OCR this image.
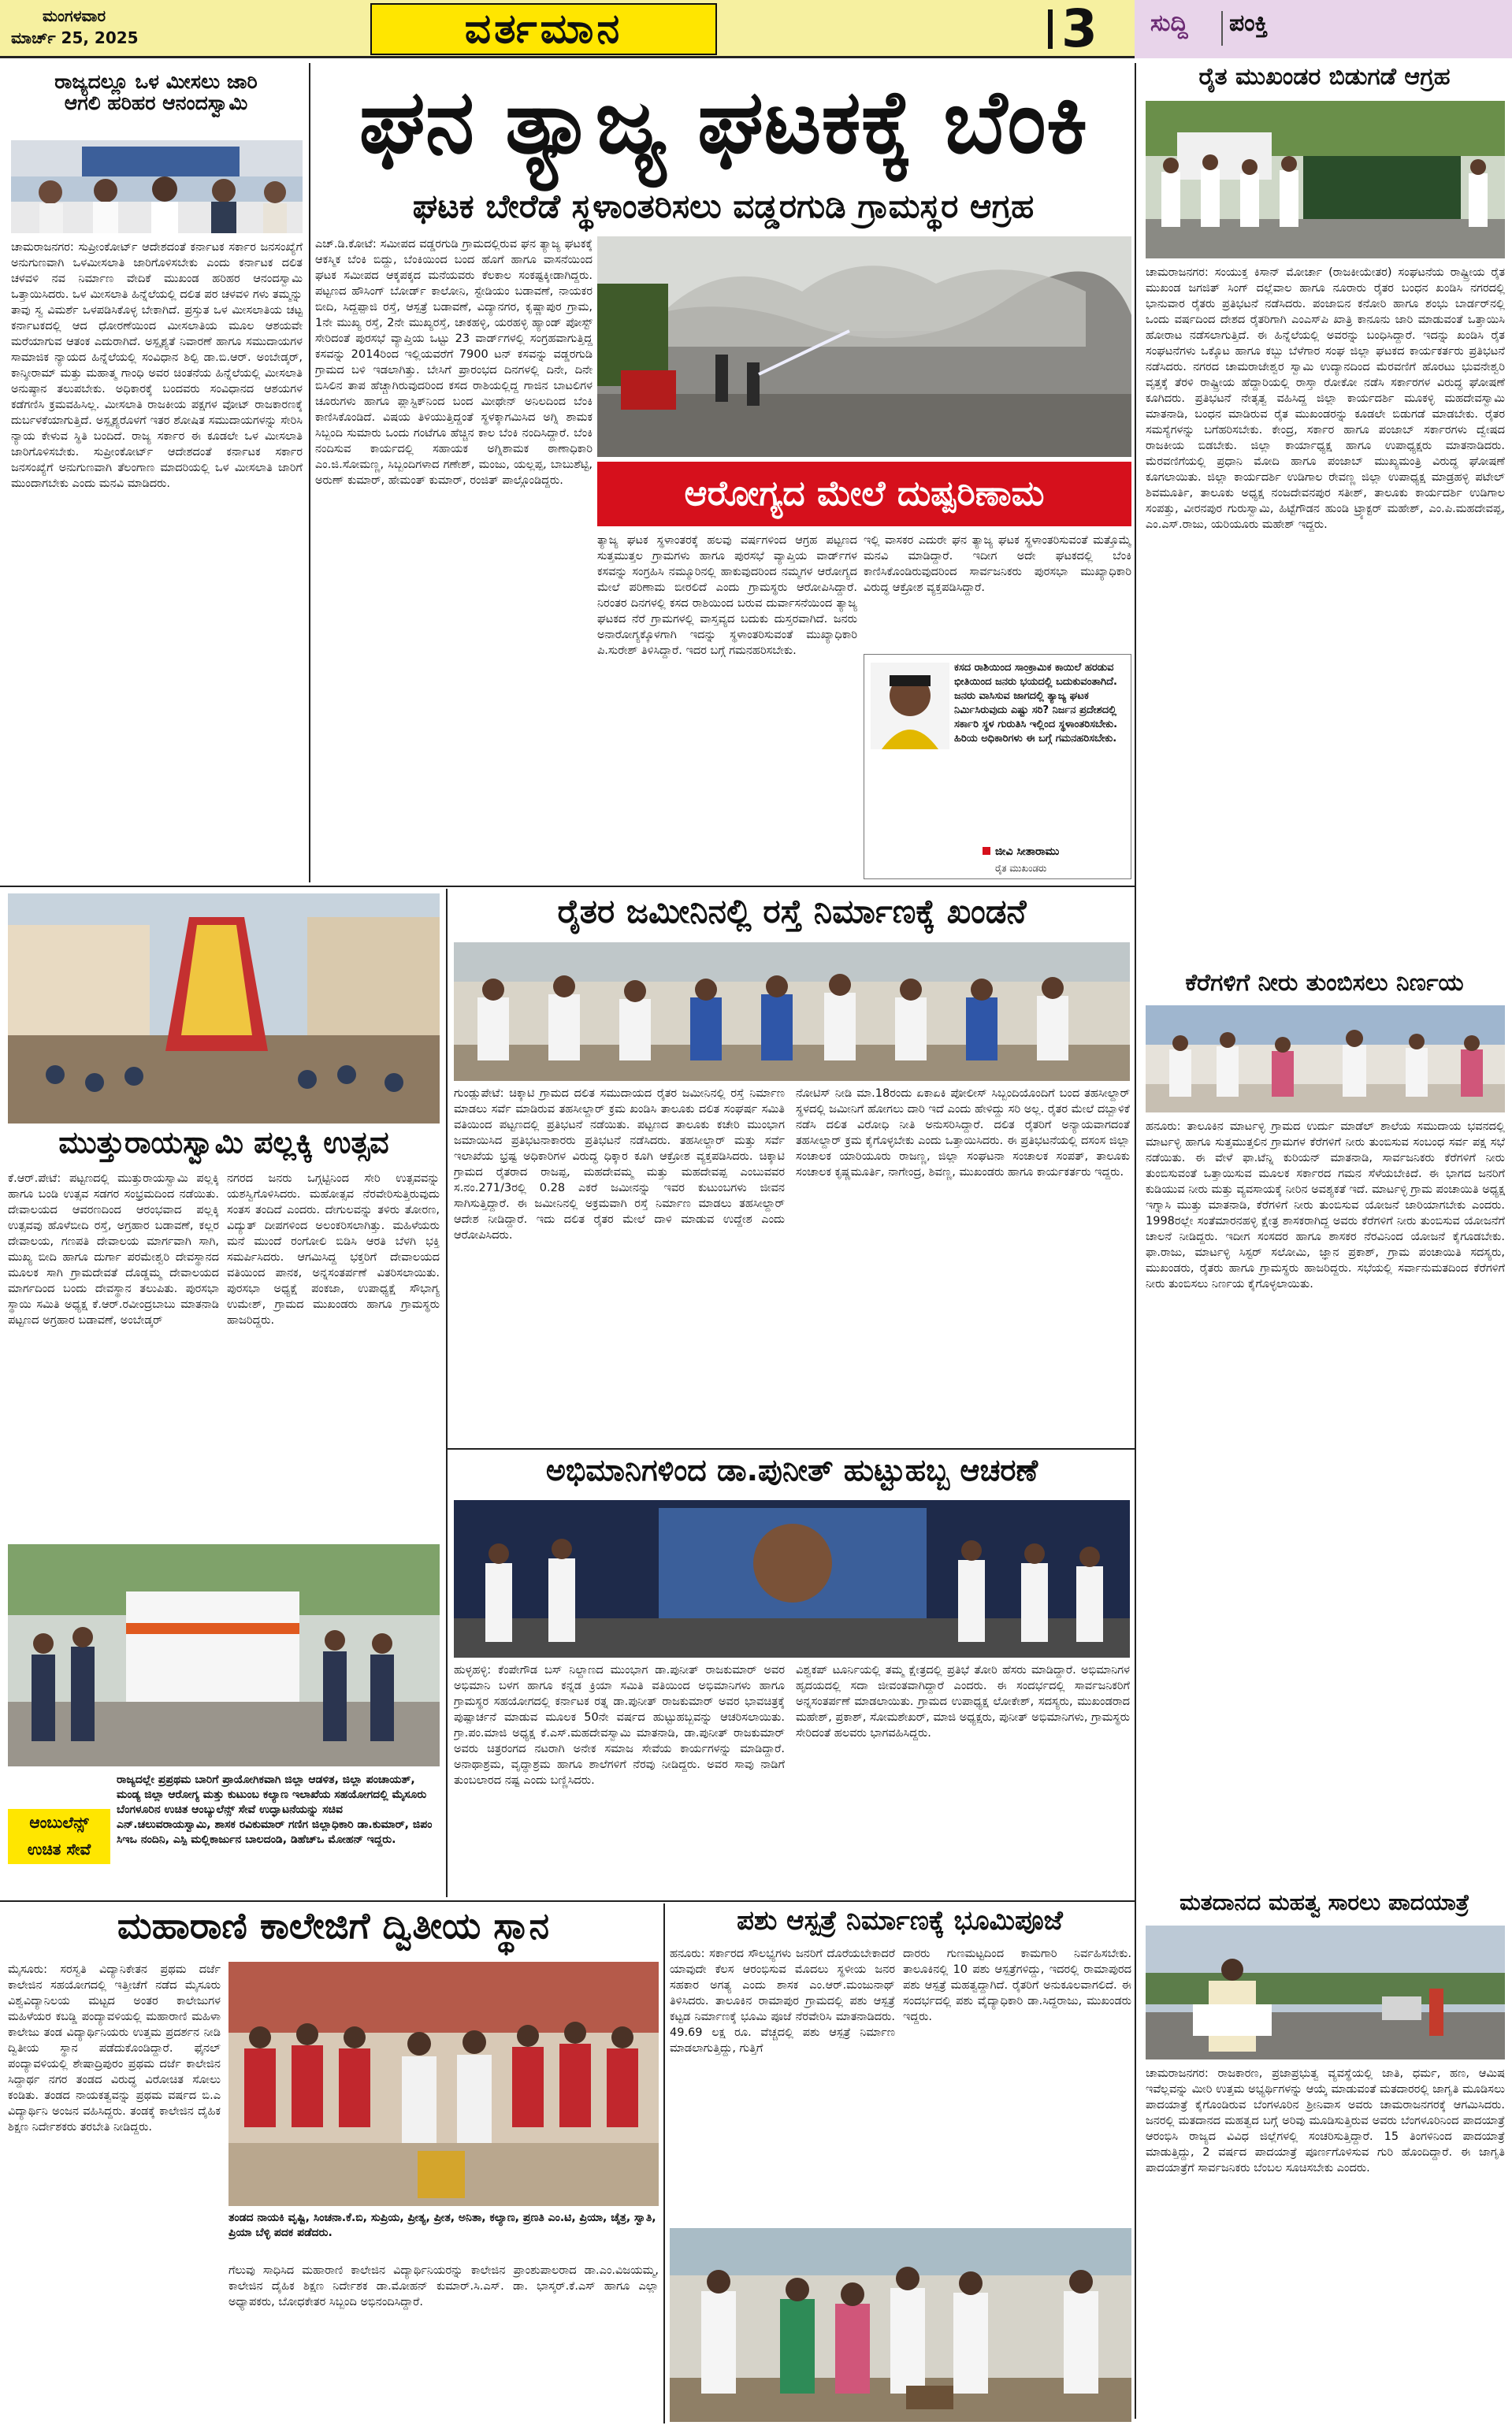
ಮಂಗಳವಾರ
ಮಾರ್ಚ್ 25, 2025	ವರ್ತಮಾನ	3	ಸುದ್ದಿ ಪಂಕ್ತಿ
ರಾಜ್ಯದಲ್ಲೂ ಒಳ ಮೀಸಲು ಜಾರಿ
ಆಗಲಿ ಹರಿಹರ ಆನಂದಸ್ವಾಮಿ
ಚಾಮರಾಜನಗರ: ಸುಪ್ರೀಂಕೋರ್ಟ್ ಆದೇಶದಂತೆ ಕರ್ನಾಟಕ ಸರ್ಕಾರ ಜನಸಂಖ್ಯೆಗೆ ಅನುಗುಣವಾಗಿ ಒಳಮೀಸಲಾತಿ ಜಾರಿಗೊಳಿಸಬೇಕು ಎಂದು ಕರ್ನಾಟಕ ದಲಿತ ಚಳವಳಿ ನವ ನಿರ್ಮಾಣ ವೇದಿಕೆ ಮುಖಂಡ ಹರಿಹರ ಆನಂದಸ್ವಾಮಿ ಒತ್ತಾಯಿಸಿದರು. ಒಳ ಮೀಸಲಾತಿ ಹಿನ್ನೆಲೆಯಲ್ಲಿ ದಲಿತ ಪರ ಚಳವಳಿ ಗಳು ತಮ್ಮನ್ನು ತಾವು ಸ್ವ ವಿಮರ್ಶೆ ಒಳಪಡಿಸಿಕೊಳ್ಳ ಬೇಕಾಗಿದೆ. ಪ್ರಸ್ತುತ ಒಳ ಮೀಸಲಾತಿಯ ಚಟ್ಟ ಕರ್ನಾಟಕದಲ್ಲಿ ಆದ ಧೋರಣೆಯಿಂದ ಮೀಸಲಾತಿಯ ಮೂಲ ಆಶಯವೇ ಮರೆಯಾಗುವ ಆತಂಕ ಎದುರಾಗಿದೆ. ಅಸ್ಪೃಶ್ಯತೆ ನಿವಾರಣೆ ಹಾಗೂ ಸಮುದಾಯಗಳ ಸಾಮಾಜಿಕ ನ್ಯಾಯದ ಹಿನ್ನೆಲೆಯಲ್ಲಿ ಸಂವಿಧಾನ ಶಿಲ್ಪಿ ಡಾ.ಬಿ.ಆರ್. ಅಂಬೇಡ್ಕರ್, ಕಾನ್ಶೀರಾಮ್ ಮತ್ತು ಮಹಾತ್ಮ ಗಾಂಧಿ ಅವರ ಚಿಂತನೆಯ ಹಿನ್ನೆಲೆಯಲ್ಲಿ ಮೀಸಲಾತಿ ಅನುಷ್ಠಾನ ತಲುಪಬೇಕು. ಅಧಿಕಾರಕ್ಕೆ ಬಂದವರು ಸಂವಿಧಾನದ ಆಶಯಗಳ ಕಡೆಗಣಿಸಿ ಕ್ರಮವಹಿಸಿಲ್ಲ. ಮೀಸಲಾತಿ ರಾಜಕೀಯ ಪಕ್ಷಗಳ ವೋಟ್ ರಾಜಕಾರಣಕ್ಕೆ ದುರ್ಬಳಕೆಯಾಗುತ್ತಿದೆ. ಅಸ್ಪೃಶ್ಯರೊಳಗೆ ಇತರ ಶೋಷಿತ ಸಮುದಾಯಗಳನ್ನು ಸೇರಿಸಿ ನ್ಯಾಯ ಕೇಳುವ ಸ್ಥಿತಿ ಬಂದಿದೆ. ರಾಜ್ಯ ಸರ್ಕಾರ ಈ ಕೂಡಲೇ ಒಳ ಮೀಸಲಾತಿ ಜಾರಿಗೊಳಿಸಬೇಕು. ಸುಪ್ರೀಂಕೋರ್ಟ್ ಆದೇಶದಂತೆ ಕರ್ನಾಟಕ ಸರ್ಕಾರ ಜನಸಂಖ್ಯೆಗೆ ಅನುಗುಣವಾಗಿ ತೆಲಂಗಾಣ ಮಾದರಿಯಲ್ಲಿ ಒಳ ಮೀಸಲಾತಿ ಜಾರಿಗೆ ಮುಂದಾಗಬೇಕು ಎಂದು ಮನವಿ ಮಾಡಿದರು.
ಘನ ತ್ಯಾಜ್ಯ ಘಟಕಕ್ಕೆ ಬೆಂಕಿ
ಘಟಕ ಬೇರೆಡೆ ಸ್ಥಳಾಂತರಿಸಲು ವಡ್ಡರಗುಡಿ ಗ್ರಾಮಸ್ಥರ ಆಗ್ರಹ
ಎಚ್.ಡಿ.ಕೋಟೆ: ಸಮೀಪದ ವಡ್ಡರಗುಡಿ ಗ್ರಾಮದಲ್ಲಿರುವ ಘನ ತ್ಯಾಜ್ಯ ಘಟಕಕ್ಕೆ ಆಕಸ್ಮಿಕ ಬೆಂಕಿ ಬಿದ್ದು, ಬೆಂಕಿಯಿಂದ ಬಂದ ಹೊಗೆ ಹಾಗೂ ವಾಸನೆಯಿಂದ ಘಟಕ ಸಮೀಪದ ಆಕ್ಕಪಕ್ಕದ ಮನೆಯವರು ಕೆಲಕಾಲ ಸಂಕಷ್ಟಕ್ಕೀಡಾಗಿದ್ದರು. ಪಟ್ಟಣದ ಹೌಸಿಂಗ್ ಬೋರ್ಡ್ ಕಾಲೋನಿ, ಸ್ಟೇಡಿಯಂ ಬಡಾವಣೆ, ನಾಯಕರ ಬೀದಿ, ಸಿದ್ದಪ್ಪಾಜಿ ರಸ್ತೆ, ಆಸ್ಪತ್ರೆ ಬಡಾವಣೆ, ವಿದ್ಯಾನಗರ, ಕೃಷ್ಣಾಪುರ ಗ್ರಾಮ, 1ನೇ ಮುಖ್ಯ ರಸ್ತೆ, 2ನೇ ಮುಖ್ಯರಸ್ತೆ, ಚಾಕಹಳ್ಳಿ, ಯರಹಳ್ಳಿ ಹ್ಯಾಂಡ್ ಪೋಸ್ಟ್ ಸೇರಿದಂತೆ ಪುರಸಭೆ ವ್ಯಾಪ್ತಿಯ ಒಟ್ಟು 23 ವಾರ್ಡ್‌ಗಳಲ್ಲಿ ಸಂಗ್ರಹವಾಗುತ್ತಿದ್ದ ಕಸವನ್ನು 2014ರಿಂದ ಇಲ್ಲಿಯವರೆಗೆ 7900 ಟನ್ ಕಸವನ್ನು ವಡ್ಡರಗುಡಿ ಗ್ರಾಮದ ಬಳಿ ಇಡಲಾಗಿತ್ತು. ಬೇಸಿಗೆ ಪ್ರಾರಂಭದ ದಿನಗಳಲ್ಲಿ ದಿನೇ, ದಿನೇ ಬಿಸಿಲಿನ ತಾಪ ಹೆಚ್ಚಾಗಿರುವುದರಿಂದ ಕಸದ ರಾಶಿಯಲ್ಲಿದ್ದ ಗಾಜಿನ ಬಾಟಲಿಗಳ ಚೂರುಗಳು ಹಾಗೂ ಪ್ಲಾಸ್ಟಿಕ್‌ನಿಂದ ಬಂದ ಮೀಥೇನ್ ಅನಿಲದಿಂದ ಬೆಂಕಿ ಕಾಣಿಸಿಕೊಂಡಿದೆ. ವಿಷಯ ತಿಳಿಯುತ್ತಿದ್ದಂತೆ ಸ್ಥಳಕ್ಕಾಗಮಿಸಿದ ಅಗ್ನಿ ಶಾಮಕ ಸಿಬ್ಬಂದಿ ಸುಮಾರು ಒಂದು ಗಂಟೆಗೂ ಹೆಚ್ಚಿನ ಕಾಲ ಬೆಂಕಿ ನಂದಿಸಿದ್ದಾರೆ. ಬೆಂಕಿ ನಂದಿಸುವ ಕಾರ್ಯದಲ್ಲಿ ಸಹಾಯಕ ಅಗ್ನಿಶಾಮಕ ಠಾಣಾಧಿಕಾರಿ ಎಂ.ಜಿ.ಸೋಮಣ್ಣ, ಸಿಬ್ಬಂದಿಗಳಾದ ಗಣೇಶ್, ಮಂಜು, ಯಲ್ಲಪ್ಪ, ಬಾಬುಶೆಟ್ಟಿ, ಅರುಣ್ ಕುಮಾರ್, ಹೇಮಂತ್ ಕುಮಾರ್, ರಂಜಿತ್ ಪಾಲ್ಗೊಂಡಿದ್ದರು.	ಆರೋಗ್ಯದ ಮೇಲೆ ದುಷ್ಪರಿಣಾಮ
ತ್ಯಾಜ್ಯ ಘಟಕ ಸ್ಥಳಾಂತರಕ್ಕೆ ಹಲವು ವರ್ಷಗಳಿಂದ ಆಗ್ರಹ ಪಟ್ಟಣದ ಸುತ್ತಮುತ್ತಲ ಗ್ರಾಮಗಳು ಹಾಗೂ ಪುರಸಭೆ ವ್ಯಾಪ್ತಿಯ ವಾರ್ಡ್‌ಗಳ ಕಸವನ್ನು ಸಂಗ್ರಹಿಸಿ ನಮ್ಮೂರಿನಲ್ಲಿ ಹಾಕುವುದರಿಂದ ನಮ್ಮಗಳ ಆರೋಗ್ಯದ ಮೇಲೆ ಪರಿಣಾಮ ಬೀರಲಿದೆ ಎಂದು ಗ್ರಾಮಸ್ಥರು ಆರೋಪಿಸಿದ್ದಾರೆ. ನಿರಂತರ ದಿನಗಳಲ್ಲಿ ಕಸದ ರಾಶಿಯಿಂದ ಬರುವ ದುರ್ವಾಸನೆಯಿಂದ ತ್ಯಾಜ್ಯ ಘಟಕದ ನೆರೆ ಗ್ರಾಮಗಳಲ್ಲಿ ವಾಸ್ತವ್ಯದ ಬದುಕು ದುಸ್ತರವಾಗಿದೆ. ಜನರು ಅನಾರೋಗ್ಯಕ್ಕೊಳಗಾಗಿ ಇದನ್ನು ಸ್ಥಳಾಂತರಿಸುವಂತೆ ಮುಖ್ಯಾಧಿಕಾರಿ ಪಿ.ಸುರೇಶ್ ತಿಳಿಸಿದ್ದಾರೆ. ಇದರ ಬಗ್ಗೆ ಗಮನಹರಿಸಬೇಕು.
ಇಲ್ಲಿ ವಾಸಕರ ಎದುರೇ ಘನ ತ್ಯಾಜ್ಯ ಘಟಕ ಸ್ಥಳಾಂತರಿಸುವಂತೆ ಮತ್ತೊಮ್ಮೆ ಮನವಿ ಮಾಡಿದ್ದಾರೆ. ಇದೀಗ ಅದೇ ಘಟಕದಲ್ಲಿ ಬೆಂಕಿ ಕಾಣಿಸಿಕೊಂಡಿರುವುದರಿಂದ ಸಾರ್ವಜನಿಕರು ಪುರಸಭಾ ಮುಖ್ಯಾಧಿಕಾರಿ ವಿರುದ್ಧ ಆಕ್ರೋಶ ವ್ಯಕ್ತಪಡಿಸಿದ್ದಾರೆ.
ಕಸದ ರಾಶಿಯಿಂದ ಸಾಂಕ್ರಾಮಿಕ ಕಾಯಿಲೆ ಹರಡುವ ಭೀತಿಯಿಂದ ಜನರು ಭಯದಲ್ಲಿ ಬದುಕುವಂತಾಗಿದೆ. ಜನರು ವಾಸಿಸುವ ಜಾಗದಲ್ಲಿ ತ್ಯಾಜ್ಯ ಘಟಕ ನಿರ್ಮಿಸಿರುವುದು ಎಷ್ಟು ಸರಿ? ನಿರ್ಜನ ಪ್ರದೇಶದಲ್ಲಿ ಸರ್ಕಾರಿ ಸ್ಥಳ ಗುರುತಿಸಿ ಇಲ್ಲಿಂದ ಸ್ಥಳಾಂತರಿಸಬೇಕು. ಹಿರಿಯ ಅಧಿಕಾರಿಗಳು ಈ ಬಗ್ಗೆ ಗಮನಹರಿಸಬೇಕು.
ಜೀವಿ ಸೀತಾರಾಮು
ರೈತ ಮುಖಂಡರು
ರೈತ ಮುಖಂಡರ ಬಿಡುಗಡೆ ಆಗ್ರಹ
ಚಾಮರಾಜನಗರ: ಸಂಯುಕ್ತ ಕಿಸಾನ್ ಮೋರ್ಚಾ (ರಾಜಕೀಯೇತರ) ಸಂಘಟನೆಯ ರಾಷ್ಟ್ರೀಯ ರೈತ ಮುಖಂಡ ಜಗಜಿತ್ ಸಿಂಗ್ ದಲ್ಲೆವಾಲ ಹಾಗೂ ನೂರಾರು ರೈತರ ಬಂಧನ ಖಂಡಿಸಿ ನಗರದಲ್ಲಿ ಭಾನುವಾರ ರೈತರು ಪ್ರತಿಭಟನೆ ನಡೆಸಿದರು. ಪಂಜಾಬಿನ ಕನೋರಿ ಹಾಗೂ ಶಂಭು ಬಾರ್ಡರ್‌ನಲ್ಲಿ ಒಂದು ವರ್ಷದಿಂದ ದೇಶದ ರೈತರಿಗಾಗಿ ಎಂಎಸ್‌ಪಿ ಖಾತ್ರಿ ಕಾನೂನು ಜಾರಿ ಮಾಡುವಂತೆ ಒತ್ತಾಯಿಸಿ ಹೋರಾಟ ನಡೆಸಲಾಗುತ್ತಿದೆ. ಈ ಹಿನ್ನೆಲೆಯಲ್ಲಿ ಅವರನ್ನು ಬಂಧಿಸಿದ್ದಾರೆ. ಇದನ್ನು ಖಂಡಿಸಿ ರೈತ ಸಂಘಟನೆಗಳು ಒಕ್ಕೊಟ ಹಾಗೂ ಕಬ್ಬು ಬೆಳೆಗಾರ ಸಂಘ ಜಿಲ್ಲಾ ಘಟಕದ ಕಾರ್ಯಕರ್ತರು ಪ್ರತಿಭಟನೆ ನಡೆಸಿದರು. ನಗರದ ಚಾಮರಾಜೇಶ್ವರ ಸ್ವಾಮಿ ಉದ್ಯಾನದಿಂದ ಮೆರವಣಿಗೆ ಹೊರಟು ಭುವನೇಶ್ವರಿ ವೃತ್ತಕ್ಕೆ ತೆರಳಿ ರಾಷ್ಟ್ರೀಯ ಹೆದ್ದಾರಿಯಲ್ಲಿ ರಾಸ್ತಾ ರೋಕೋ ನಡೆಸಿ ಸರ್ಕಾರಗಳ ವಿರುದ್ಧ ಘೋಷಣೆ ಕೂಗಿದರು. ಪ್ರತಿಭಟನೆ ನೇತೃತ್ವ ವಹಿಸಿದ್ದ ಜಿಲ್ಲಾ ಕಾರ್ಯದರ್ಶಿ ಮೂಕಳ್ಳಿ ಮಹದೇವಸ್ವಾಮಿ ಮಾತನಾಡಿ, ಬಂಧನ ಮಾಡಿರುವ ರೈತ ಮುಖಂಡರನ್ನು ಕೂಡಲೇ ಬಿಡುಗಡೆ ಮಾಡಬೇಕು. ರೈತರ ಸಮಸ್ಯೆಗಳನ್ನು ಬಗೆಹರಿಸಬೇಕು. ಕೇಂದ್ರ, ಸರ್ಕಾರ ಹಾಗೂ ಪಂಜಾಬ್ ಸರ್ಕಾರಗಳು ದ್ವೇಷದ ರಾಜಕೀಯ ಬಿಡಬೇಕು. ಜಿಲ್ಲಾ ಕಾರ್ಯಾಧ್ಯಕ್ಷ ಹಾಗೂ ಉಪಾಧ್ಯಕ್ಷರು ಮಾತನಾಡಿದರು. ಮೆರವಣಿಗೆಯಲ್ಲಿ ಪ್ರಧಾನಿ ಮೋದಿ ಹಾಗೂ ಪಂಜಾಬ್ ಮುಖ್ಯಮಂತ್ರಿ ವಿರುದ್ಧ ಘೋಷಣೆ ಕೂಗಲಾಯಿತು. ಜಿಲ್ಲಾ ಕಾರ್ಯದರ್ಶಿ ಉಡಿಗಾಲ ರೇವಣ್ಣ ಜಿಲ್ಲಾ ಉಪಾಧ್ಯಕ್ಷ ಮಾಡ್ರಹಳ್ಳಿ ಪಟೇಲ್ ಶಿವಮೂರ್ತಿ, ತಾಲೂಕು ಅಧ್ಯಕ್ಷ ನಂಜದೇವನಪುರ ಸತೀಶ್, ತಾಲೂಕು ಕಾರ್ಯದರ್ಶಿ ಉಡಿಗಾಲ ಸಂಪತ್ತು, ವೀರನಪುರ ಗುರುಸ್ವಾಮಿ, ಹಿಟ್ಟೆಗೌಡನ ಹುಂಡಿ ಟ್ರ್ಯಾಕ್ಟರ್ ಮಹೇಶ್, ಎಂ.ಪಿ.ಮಹದೇವಪ್ಪ, ಎಂ.ಎಸ್.ರಾಜು, ಯರಿಯೂರು ಮಹೇಶ್ ಇದ್ದರು.
ಕೆರೆಗಳಿಗೆ ನೀರು ತುಂಬಿಸಲು ನಿರ್ಣಯ
ಹನೂರು: ತಾಲೂಕಿನ ಮಾರ್ಟಳ್ಳಿ ಗ್ರಾಮದ ಉರ್ದು ಮಾಡೆಲ್ ಶಾಲೆಯ ಸಮುದಾಯ ಭವನದಲ್ಲಿ ಮಾರ್ಟಳ್ಳಿ ಹಾಗೂ ಸುತ್ತಮುತ್ತಲಿನ ಗ್ರಾಮಗಳ ಕೆರೆಗಳಿಗೆ ನೀರು ತುಂಬಿಸುವ ಸಂಬಂಧ ಸರ್ವ ಪಕ್ಷ ಸಭೆ ನಡೆಯಿತು. ಈ ವೇಳೆ ಫಾ.ಟೆನ್ನಿ ಕುರಿಯನ್ ಮಾತನಾಡಿ, ಸಾರ್ವಜನಿಕರು ಕೆರೆಗಳಿಗೆ ನೀರು ತುಂಬಿಸುವಂತೆ ಒತ್ತಾಯಿಸುವ ಮೂಲಕ ಸರ್ಕಾರದ ಗಮನ ಸೆಳೆಯಬೇಕಿದೆ. ಈ ಭಾಗದ ಜನರಿಗೆ ಕುಡಿಯುವ ನೀರು ಮತ್ತು ವ್ಯವಸಾಯಕ್ಕೆ ನೀರಿನ ಅವಶ್ಯಕತೆ ಇದೆ. ಮಾರ್ಟಳ್ಳಿ ಗ್ರಾಮ ಪಂಚಾಯಿತಿ ಅಧ್ಯಕ್ಷ ಇಗ್ನಾಸಿ ಮುತ್ತು ಮಾತನಾಡಿ, ಕೆರೆಗಳಿಗೆ ನೀರು ತುಂಬಿಸುವ ಯೋಜನೆ ಜಾರಿಯಾಗಬೇಕು ಎಂದರು. 1998ರಲ್ಲೇ ಸಂತೆಮಾರನಹಳ್ಳಿ ಕ್ಷೇತ್ರ ಶಾಸಕರಾಗಿದ್ದ ಅವರು ಕೆರೆಗಳಿಗೆ ನೀರು ತುಂಬಿಸುವ ಯೋಜನೆಗೆ ಚಾಲನೆ ನೀಡಿದ್ದರು. ಇದೀಗ ಸಂಸದರ ಹಾಗೂ ಶಾಸಕರ ನೆರವಿನಿಂದ ಯೋಜನೆ ಕೈಗೂಡಬೇಕು. ಫಾ.ರಾಜು, ಮಾರ್ಟಳ್ಳಿ ಸಿಸ್ಟರ್ ಸಲೋಮಿ, ಜ್ಞಾನ ಪ್ರಕಾಶ್, ಗ್ರಾಮ ಪಂಚಾಯಿತಿ ಸದಸ್ಯರು, ಮುಖಂಡರು, ರೈತರು ಹಾಗೂ ಗ್ರಾಮಸ್ಥರು ಹಾಜರಿದ್ದರು. ಸಭೆಯಲ್ಲಿ ಸರ್ವಾನುಮತದಿಂದ ಕೆರೆಗಳಿಗೆ ನೀರು ತುಂಬಿಸಲು ನಿರ್ಣಯ ಕೈಗೊಳ್ಳಲಾಯಿತು.
ಮತದಾನದ ಮಹತ್ವ ಸಾರಲು ಪಾದಯಾತ್ರೆ
ಚಾಮರಾಜನಗರ: ರಾಜಕಾರಣ, ಪ್ರಜಾಪ್ರಭುತ್ವ ವ್ಯವಸ್ಥೆಯಲ್ಲಿ ಜಾತಿ, ಧರ್ಮ, ಹಣ, ಆಮಿಷ ಇವೆಲ್ಲವನ್ನು ಮೀರಿ ಉತ್ತಮ ಅಭ್ಯರ್ಥಿಗಳನ್ನು ಆಯ್ಕೆ ಮಾಡುವಂತೆ ಮತದಾರರಲ್ಲಿ ಜಾಗೃತಿ ಮೂಡಿಸಲು ಪಾದಯಾತ್ರೆ ಕೈಗೊಂಡಿರುವ ಬೆಂಗಳೂರಿನ ಶ್ರೀನಿವಾಸ ಅವರು ಚಾಮರಾಜನಗರಕ್ಕೆ ಆಗಮಿಸಿದರು. ಜನರಲ್ಲಿ ಮತದಾನದ ಮಹತ್ವದ ಬಗ್ಗೆ ಅರಿವು ಮೂಡಿಸುತ್ತಿರುವ ಅವರು ಬೆಂಗಳೂರಿನಿಂದ ಪಾದಯಾತ್ರೆ ಆರಂಭಿಸಿ ರಾಜ್ಯದ ವಿವಿಧ ಜಿಲ್ಲೆಗಳಲ್ಲಿ ಸಂಚರಿಸುತ್ತಿದ್ದಾರೆ. 15 ತಿಂಗಳಿನಿಂದ ಪಾದಯಾತ್ರೆ ಮಾಡುತ್ತಿದ್ದು, 2 ವರ್ಷದ ಪಾದಯಾತ್ರೆ ಪೂರ್ಣಗೊಳಿಸುವ ಗುರಿ ಹೊಂದಿದ್ದಾರೆ. ಈ ಜಾಗೃತಿ ಪಾದಯಾತ್ರೆಗೆ ಸಾರ್ವಜನಿಕರು ಬೆಂಬಲ ಸೂಚಿಸಬೇಕು ಎಂದರು.
ಮುತ್ತುರಾಯಸ್ವಾಮಿ ಪಲ್ಲಕ್ಕಿ ಉತ್ಸವ
ಕೆ.ಆರ್.ಪೇಟೆ: ಪಟ್ಟಣದಲ್ಲಿ ಮುತ್ತುರಾಯಸ್ವಾಮಿ ಪಲ್ಲಕ್ಕಿ ಹಾಗೂ ಬಂಡಿ ಉತ್ಸವ ಸಡಗರ ಸಂಭ್ರಮದಿಂದ ನಡೆಯಿತು. ದೇವಾಲಯದ ಆವರಣದಿಂದ ಆರಂಭವಾದ ಪಲ್ಲಕ್ಕಿ ಉತ್ಸವವು ಹೊಳೆಬೀದಿ ರಸ್ತೆ, ಅಗ್ರಹಾರ ಬಡಾವಣೆ, ಕಲ್ಲರ ದೇವಾಲಯ, ಗಣಪತಿ ದೇವಾಲಯ ಮಾರ್ಗವಾಗಿ ಸಾಗಿ, ಮುಖ್ಯ ಬೀದಿ ಹಾಗೂ ದುರ್ಗಾ ಪರಮೇಶ್ವರಿ ದೇವಸ್ಥಾನದ ಮೂಲಕ ಸಾಗಿ ಗ್ರಾಮದೇವತೆ ದೊಡ್ಡಮ್ಮ ದೇವಾಲಯದ ಮಾರ್ಗದಿಂದ ಬಂದು ದೇವಸ್ಥಾನ ತಲುಪಿತು. ಪುರಸಭಾ ಸ್ಥಾಯಿ ಸಮಿತಿ ಅಧ್ಯಕ್ಷ ಕೆ.ಆರ್.ರವೀಂದ್ರಬಾಬು ಮಾತನಾಡಿ ಪಟ್ಟಣದ ಅಗ್ರಹಾರ ಬಡಾವಣೆ, ಅಂಬೇಡ್ಕರ್
ನಗರದ ಜನರು ಒಗ್ಗಟ್ಟಿನಿಂದ ಸೇರಿ ಉತ್ಸವವನ್ನು ಯಶಸ್ವಿಗೊಳಿಸಿದರು. ಮಹೋತ್ಸವ ನೆರವೇರಿಸುತ್ತಿರುವುದು ಸಂತಸ ತಂದಿದೆ ಎಂದರು. ದೇಗುಲವನ್ನು ತಳಿರು ತೋರಣ, ವಿದ್ಯುತ್ ದೀಪಗಳಿಂದ ಅಲಂಕರಿಸಲಾಗಿತ್ತು. ಮಹಿಳೆಯರು ಮನೆ ಮುಂದೆ ರಂಗೋಲಿ ಬಿಡಿಸಿ ಆರತಿ ಬೆಳಗಿ ಭಕ್ತಿ ಸಮರ್ಪಿಸಿದರು. ಆಗಮಿಸಿದ್ದ ಭಕ್ತರಿಗೆ ದೇವಾಲಯದ ವತಿಯಿಂದ ಪಾನಕ, ಅನ್ನಸಂತರ್ಪಣೆ ವಿತರಿಸಲಾಯಿತು. ಪುರಸಭಾ ಅಧ್ಯಕ್ಷೆ ಪಂಕಜಾ, ಉಪಾಧ್ಯಕ್ಷೆ ಸೌಭಾಗ್ಯ ಉಮೇಶ್, ಗ್ರಾಮದ ಮುಖಂಡರು ಹಾಗೂ ಗ್ರಾಮಸ್ಥರು ಹಾಜರಿದ್ದರು.
ಆಂಬುಲೆನ್ಸ್
ಉಚಿತ ಸೇವೆ
ರಾಜ್ಯದಲ್ಲೇ ಪ್ರಪ್ರಥಮ ಬಾರಿಗೆ ಪ್ರಾಯೋಗಿಕವಾಗಿ ಜಿಲ್ಲಾ ಆಡಳಿತ, ಜಿಲ್ಲಾ ಪಂಚಾಯತ್, ಮಂಡ್ಯ ಜಿಲ್ಲಾ ಆರೋಗ್ಯ ಮತ್ತು ಕುಟುಂಬ ಕಲ್ಯಾಣ ಇಲಾಖೆಯ ಸಹಯೋಗದಲ್ಲಿ ಮೈಸೂರು ಬೆಂಗಳೂರಿನ ಉಚಿತ ಆಂಬ್ಯುಲೆನ್ಸ್ ಸೇವೆ ಉದ್ಘಾಟನೆಯನ್ನು ಸಚಿವ ಎನ್.ಚಲುವರಾಯಸ್ವಾಮಿ, ಶಾಸಕ ರವಿಕುಮಾರ್ ಗಣಿಗ ಜಿಲ್ಲಾಧಿಕಾರಿ ಡಾ.ಕುಮಾರ್, ಜಿಪಂ ಸಿಇಒ ನಂದಿನಿ, ಎಸ್ಪಿ ಮಲ್ಲಿಕಾರ್ಜುನ ಬಾಲದಂಡಿ, ಡಿಹೆಚ್‌ಒ ಮೋಹನ್ ಇದ್ದರು.
ರೈತರ ಜಮೀನಿನಲ್ಲಿ ರಸ್ತೆ ನಿರ್ಮಾಣಕ್ಕೆ ಖಂಡನೆ
ಗುಂಡ್ಲುಪೇಟೆ: ಚಿಕ್ಕಾಟಿ ಗ್ರಾಮದ ದಲಿತ ಸಮುದಾಯದ ರೈತರ ಜಮೀನಿನಲ್ಲಿ ರಸ್ತೆ ನಿರ್ಮಾಣ ಮಾಡಲು ಸರ್ವೆ ಮಾಡಿರುವ ತಹಸೀಲ್ದಾರ್ ಕ್ರಮ ಖಂಡಿಸಿ ತಾಲೂಕು ದಲಿತ ಸಂಘರ್ಷ ಸಮಿತಿ ವತಿಯಿಂದ ಪಟ್ಟಣದಲ್ಲಿ ಪ್ರತಿಭಟನೆ ನಡೆಯಿತು. ಪಟ್ಟಣದ ತಾಲೂಕು ಕಚೇರಿ ಮುಂಭಾಗ ಜಮಾಯಿಸಿದ ಪ್ರತಿಭಟನಾಕಾರರು ಪ್ರತಿಭಟನೆ ನಡೆಸಿದರು. ತಹಸೀಲ್ದಾರ್ ಮತ್ತು ಸರ್ವೆ ಇಲಾಖೆಯ ಭ್ರಷ್ಟ ಅಧಿಕಾರಿಗಳ ವಿರುದ್ಧ ಧಿಕ್ಕಾರ ಕೂಗಿ ಆಕ್ರೋಶ ವ್ಯಕ್ತಪಡಿಸಿದರು. ಚಿಕ್ಕಾಟಿ ಗ್ರಾಮದ ರೈತರಾದ ರಾಜಪ್ಪ, ಮಹದೇವಮ್ಮ ಮತ್ತು ಮಹದೇವಪ್ಪ ಎಂಬುವವರ ಸ.ನಂ.271/3ರಲ್ಲಿ 0.28 ಎಕರೆ ಜಮೀನನ್ನು ಇವರ ಕುಟುಂಬಗಳು ಜೀವನ ಸಾಗಿಸುತ್ತಿದ್ದಾರೆ. ಈ ಜಮೀನಿನಲ್ಲಿ ಅಕ್ರಮವಾಗಿ ರಸ್ತೆ ನಿರ್ಮಾಣ ಮಾಡಲು ತಹಸೀಲ್ದಾರ್ ಆದೇಶ ನೀಡಿದ್ದಾರೆ. ಇದು ದಲಿತ ರೈತರ ಮೇಲೆ ದಾಳಿ ಮಾಡುವ ಉದ್ದೇಶ ಎಂದು ಆರೋಪಿಸಿದರು.
ನೋಟಿಸ್ ನೀಡಿ ಮಾ.18ರಂದು ಏಕಾಏಕಿ ಪೋಲೀಸ್ ಸಿಬ್ಬಂದಿಯೊಂದಿಗೆ ಬಂದ ತಹಸೀಲ್ದಾರ್ ಸ್ಥಳದಲ್ಲಿ ಜಮೀನಿಗೆ ಹೋಗಲು ದಾರಿ ಇದೆ ಎಂದು ಹೇಳಿದ್ದು ಸರಿ ಅಲ್ಲ. ರೈತರ ಮೇಲೆ ದಬ್ಬಾಳಿಕೆ ನಡೆಸಿ ದಲಿತ ವಿರೋಧಿ ನೀತಿ ಅನುಸರಿಸಿದ್ದಾರೆ. ದಲಿತ ರೈತರಿಗೆ ಅನ್ಯಾಯವಾಗದಂತೆ ತಹಸೀಲ್ದಾರ್ ಕ್ರಮ ಕೈಗೊಳ್ಳಬೇಕು ಎಂದು ಒತ್ತಾಯಿಸಿದರು. ಈ ಪ್ರತಿಭಟನೆಯಲ್ಲಿ ದಸಂಸ ಜಿಲ್ಲಾ ಸಂಚಾಲಕ ಯಾರಿಯೂರು ರಾಜಣ್ಣ, ಜಿಲ್ಲಾ ಸಂಘಟನಾ ಸಂಚಾಲಕ ಸಂಪತ್, ತಾಲೂಕು ಸಂಚಾಲಕ ಕೃಷ್ಣಮೂರ್ತಿ, ನಾಗೇಂದ್ರ, ಶಿವಣ್ಣ, ಮುಖಂಡರು ಹಾಗೂ ಕಾರ್ಯಕರ್ತರು ಇದ್ದರು.
ಅಭಿಮಾನಿಗಳಿಂದ ಡಾ.ಪುನೀತ್ ಹುಟ್ಟುಹಬ್ಬ ಆಚರಣೆ
ಹುಳ್ಳಹಳ್ಳಿ: ಕೆಂಪೇಗೌಡ ಬಸ್ ನಿಲ್ದಾಣದ ಮುಂಭಾಗ ಡಾ.ಪುನೀತ್ ರಾಜಕುಮಾರ್ ಅವರ ಅಭಿಮಾನಿ ಬಳಗ ಹಾಗೂ ಕನ್ನಡ ಕ್ರಿಯಾ ಸಮಿತಿ ವತಿಯಿಂದ ಅಭಿಮಾನಿಗಳು ಹಾಗೂ ಗ್ರಾಮಸ್ಥರ ಸಹಯೋಗದಲ್ಲಿ ಕರ್ನಾಟಕ ರತ್ನ ಡಾ.ಪುನೀತ್ ರಾಜಕುಮಾರ್ ಅವರ ಭಾವಚಿತ್ರಕ್ಕೆ ಪುಷ್ಪಾರ್ಚನೆ ಮಾಡುವ ಮೂಲಕ 50ನೇ ವರ್ಷದ ಹುಟ್ಟುಹಬ್ಬವನ್ನು ಆಚರಿಸಲಾಯಿತು. ಗ್ರಾ.ಪಂ.ಮಾಜಿ ಅಧ್ಯಕ್ಷ ಕೆ.ಎಸ್.ಮಹದೇವಸ್ವಾಮಿ ಮಾತನಾಡಿ, ಡಾ.ಪುನೀತ್ ರಾಜಕುಮಾರ್ ಅವರು ಚಿತ್ರರಂಗದ ನಟರಾಗಿ ಅನೇಕ ಸಮಾಜ ಸೇವೆಯ ಕಾರ್ಯಗಳನ್ನು ಮಾಡಿದ್ದಾರೆ. ಅನಾಥಾಶ್ರಮ, ವೃದ್ಧಾಶ್ರಮ ಹಾಗೂ ಶಾಲೆಗಳಿಗೆ ನೆರವು ನೀಡಿದ್ದರು. ಅವರ ಸಾವು ನಾಡಿಗೆ ತುಂಬಲಾರದ ನಷ್ಟ ಎಂದು ಬಣ್ಣಿಸಿದರು.
ವಿಶ್ವಕಪ್ ಟೂರ್ನಿಯಲ್ಲಿ ತಮ್ಮ ಕ್ಷೇತ್ರದಲ್ಲಿ ಪ್ರತಿಭೆ ತೋರಿ ಹೆಸರು ಮಾಡಿದ್ದಾರೆ. ಅಭಿಮಾನಿಗಳ ಹೃದಯದಲ್ಲಿ ಸದಾ ಜೀವಂತವಾಗಿದ್ದಾರೆ ಎಂದರು. ಈ ಸಂದರ್ಭದಲ್ಲಿ ಸಾರ್ವಜನಿಕರಿಗೆ ಅನ್ನಸಂತರ್ಪಣೆ ಮಾಡಲಾಯಿತು. ಗ್ರಾಮದ ಉಪಾಧ್ಯಕ್ಷ ಲೋಕೇಶ್, ಸದಸ್ಯರು, ಮುಖಂಡರಾದ ಮಹೇಶ್, ಪ್ರಕಾಶ್, ಸೋಮಶೇಖರ್, ಮಾಜಿ ಅಧ್ಯಕ್ಷರು, ಪುನೀತ್ ಅಭಿಮಾನಿಗಳು, ಗ್ರಾಮಸ್ಥರು ಸೇರಿದಂತೆ ಹಲವರು ಭಾಗವಹಿಸಿದ್ದರು.
ಮಹಾರಾಣಿ ಕಾಲೇಜಿಗೆ ದ್ವಿತೀಯ ಸ್ಥಾನ
ಮೈಸೂರು: ಸರಸ್ವತಿ ವಿದ್ಯಾನಿಕೇತನ ಪ್ರಥಮ ದರ್ಜೆ ಕಾಲೇಜಿನ ಸಹಯೋಗದಲ್ಲಿ ಇತ್ತೀಚೆಗೆ ನಡೆದ ಮೈಸೂರು ವಿಶ್ವವಿದ್ಯಾನಿಲಯ ಮಟ್ಟದ ಅಂತರ ಕಾಲೇಜುಗಳ ಮಹಿಳೆಯರ ಕಬಡ್ಡಿ ಪಂದ್ಯಾವಳಿಯಲ್ಲಿ ಮಹಾರಾಣಿ ಮಹಿಳಾ ಕಾಲೇಜು ತಂಡ ವಿದ್ಯಾರ್ಥಿನಿಯರು ಉತ್ತಮ ಪ್ರದರ್ಶನ ನೀಡಿ ದ್ವಿತೀಯ ಸ್ಥಾನ ಪಡೆದುಕೊಂಡಿದ್ದಾರೆ. ಫೈನಲ್ ಪಂದ್ಯಾವಳಿಯಲ್ಲಿ ಶೇಷಾದ್ರಿಪುರಂ ಪ್ರಥಮ ದರ್ಜೆ ಕಾಲೇಜಿನ ಸಿದ್ದಾರ್ಥ ನಗರ ತಂಡದ ವಿರುದ್ಧ ವಿರೋಚಿತ ಸೋಲು ಕಂಡಿತು. ತಂಡದ ನಾಯಕತ್ವವನ್ನು ಪ್ರಥಮ ವರ್ಷದ ಬಿ.ಎ ವಿದ್ಯಾರ್ಥಿನಿ ಅಂಜನ ವಹಿಸಿದ್ದರು. ತಂಡಕ್ಕೆ ಕಾಲೇಜಿನ ದೈಹಿಕ ಶಿಕ್ಷಣ ನಿರ್ದೇಶಕರು ತರಬೇತಿ ನೀಡಿದ್ದರು.
ತಂಡದ ನಾಯಕಿ ವೃಷ್ಟಿ, ಸಿಂಚನಾ.ಕೆ.ಬಿ, ಸುಪ್ರಿಯ, ಪ್ರೀತ್ಯ, ಪ್ರೀತ, ಅನಿತಾ, ಕಲ್ಯಾಣ, ಪ್ರಣತಿ ಎಂ.ಟಿ, ಪ್ರಿಯಾ, ಚೈತ್ರ, ಸ್ವಾತಿ, ಪ್ರಿಯಾ ಬೆಳ್ಳಿ ಪದಕ ಪಡೆದರು.
ಗೆಲುವು ಸಾಧಿಸಿದ ಮಹಾರಾಣಿ ಕಾಲೇಜಿನ ವಿದ್ಯಾರ್ಥಿನಿಯರನ್ನು ಕಾಲೇಜಿನ ಪ್ರಾಂಶುಪಾಲರಾದ ಡಾ.ಎಂ.ವಿಜಯಮ್ಮ, ಕಾಲೇಜಿನ ದೈಹಿಕ ಶಿಕ್ಷಣ ನಿರ್ದೇಶಕ ಡಾ.ಮೋಹನ್ ಕುಮಾರ್.ಸಿ.ಎಸ್. ಡಾ. ಭಾಸ್ಕರ್.ಕೆ.ಎಸ್ ಹಾಗೂ ಎಲ್ಲಾ ಅಧ್ಯಾಪಕರು, ಬೋಧಕೇತರ ಸಿಬ್ಬಂದಿ ಅಭಿನಂದಿಸಿದ್ದಾರೆ.
ಪಶು ಆಸ್ಪತ್ರೆ ನಿರ್ಮಾಣಕ್ಕೆ ಭೂಮಿಪೂಜೆ
ಹನೂರು: ಸರ್ಕಾರದ ಸೌಲಭ್ಯಗಳು ಜನರಿಗೆ ದೊರೆಯಬೇಕಾದರೆ ಯಾವುದೇ ಕೆಲಸ ಆರಂಭಿಸುವ ಮೊದಲು ಸ್ಥಳೀಯ ಜನರ ಸಹಕಾರ ಅಗತ್ಯ ಎಂದು ಶಾಸಕ ಎಂ.ಆರ್.ಮಂಜುನಾಥ್ ತಿಳಿಸಿದರು. ತಾಲೂಕಿನ ರಾಮಾಪುರ ಗ್ರಾಮದಲ್ಲಿ ಪಶು ಆಸ್ಪತ್ರೆ ಕಟ್ಟಡ ನಿರ್ಮಾಣಕ್ಕೆ ಭೂಮಿ ಪೂಜೆ ನೆರವೇರಿಸಿ ಮಾತನಾಡಿದರು. 49.69 ಲಕ್ಷ ರೂ. ವೆಚ್ಚದಲ್ಲಿ ಪಶು ಆಸ್ಪತ್ರೆ ನಿರ್ಮಾಣ ಮಾಡಲಾಗುತ್ತಿದ್ದು, ಗುತ್ತಿಗೆ
ದಾರರು ಗುಣಮಟ್ಟದಿಂದ ಕಾಮಗಾರಿ ನಿರ್ವಹಿಸಬೇಕು. ತಾಲೂಕಿನಲ್ಲಿ 10 ಪಶು ಆಸ್ಪತ್ರೆಗಳಿದ್ದು, ಇದರಲ್ಲಿ ರಾಮಾಪುರದ ಪಶು ಆಸ್ಪತ್ರೆ ಮಹತ್ವದ್ದಾಗಿದೆ. ರೈತರಿಗೆ ಅನುಕೂಲವಾಗಲಿದೆ. ಈ ಸಂದರ್ಭದಲ್ಲಿ ಪಶು ವೈದ್ಯಾಧಿಕಾರಿ ಡಾ.ಸಿದ್ದರಾಜು, ಮುಖಂಡರು ಇದ್ದರು.
